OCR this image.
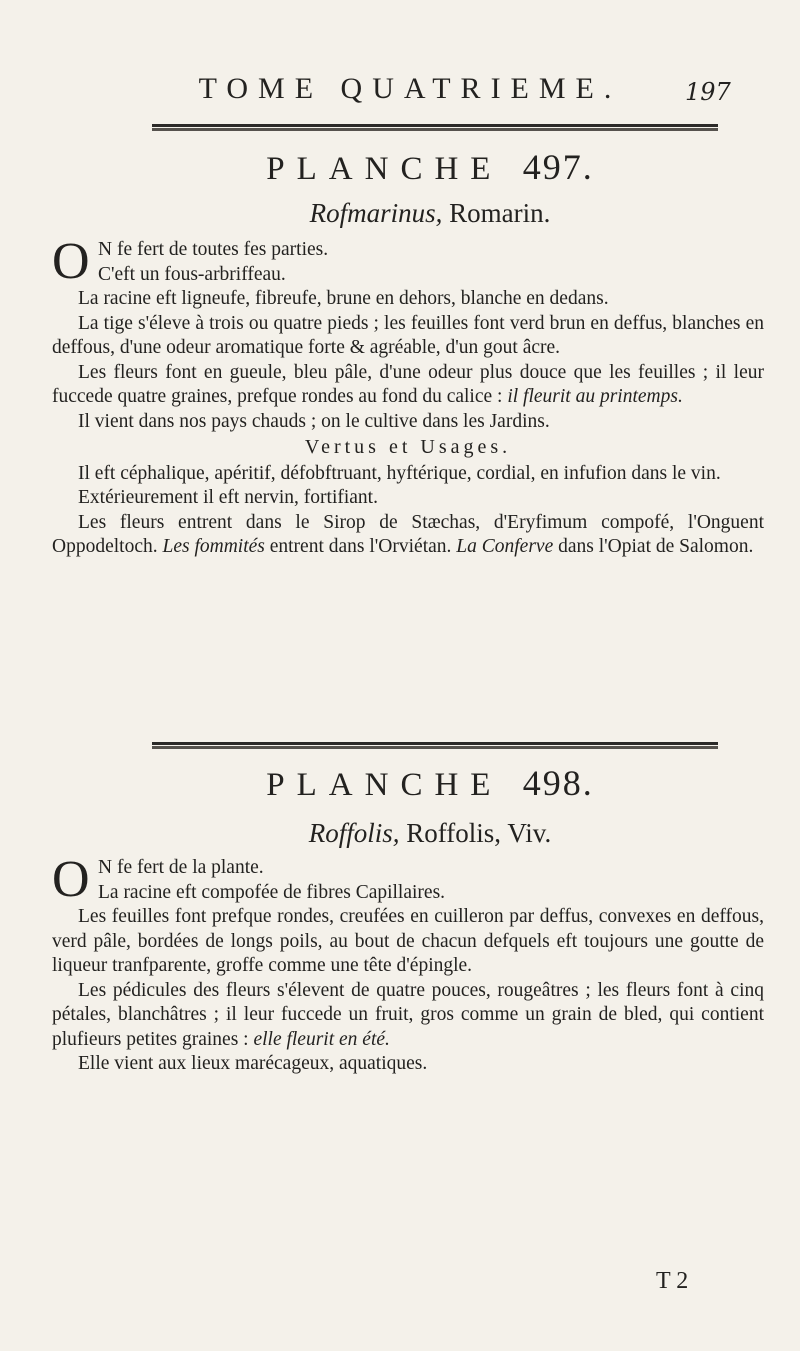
TOME QUATRIEME.	197
PLANCHE 497.
Rofmarinus, Romarin.

O N fe fert de toutes fes parties.

C'eft un fous-arbriffeau.

La racine eft ligneufe, fibreufe, brune en dehors, blanche en dedans.

La tige s'éleve à trois ou quatre pieds ; les feuilles font verd brun en deffus, blanches en deffous, d'une odeur aromatique forte & agréable, d'un gout âcre.

Les fleurs font en gueule, bleu pâle, d'une odeur plus douce que les feuilles ; il leur fuccede quatre graines, prefque rondes au fond du calice : il fleurit au printemps.

Il vient dans nos pays chauds ; on le cultive dans les Jardins.

Vertus et Usages.

Il eft céphalique, apéritif, défobftruant, hyftérique, cordial, en infufion dans le vin.

Extérieurement il eft nervin, fortifiant.

Les fleurs entrent dans le Sirop de Stæchas, d'Eryfimum compofé, l'Onguent Oppodeltoch. Les fommités entrent dans l'Orviétan. La Conferve dans l'Opiat de Salomon.

PLANCHE 498.
Roffolis, Roffolis, Viv.

O N fe fert de la plante.

La racine eft compofée de fibres Capillaires.

Les feuilles font prefque rondes, creufées en cuilleron par deffus, convexes en deffous, verd pâle, bordées de longs poils, au bout de chacun defquels eft toujours une goutte de liqueur tranfparente, groffe comme une tête d'épingle.

Les pédicules des fleurs s'élevent de quatre pouces, rougeâtres ; les fleurs font à cinq pétales, blanchâtres ; il leur fuccede un fruit, gros comme un grain de bled, qui contient plufieurs petites graines : elle fleurit en été.

Elle vient aux lieux marécageux, aquatiques.

T 2
